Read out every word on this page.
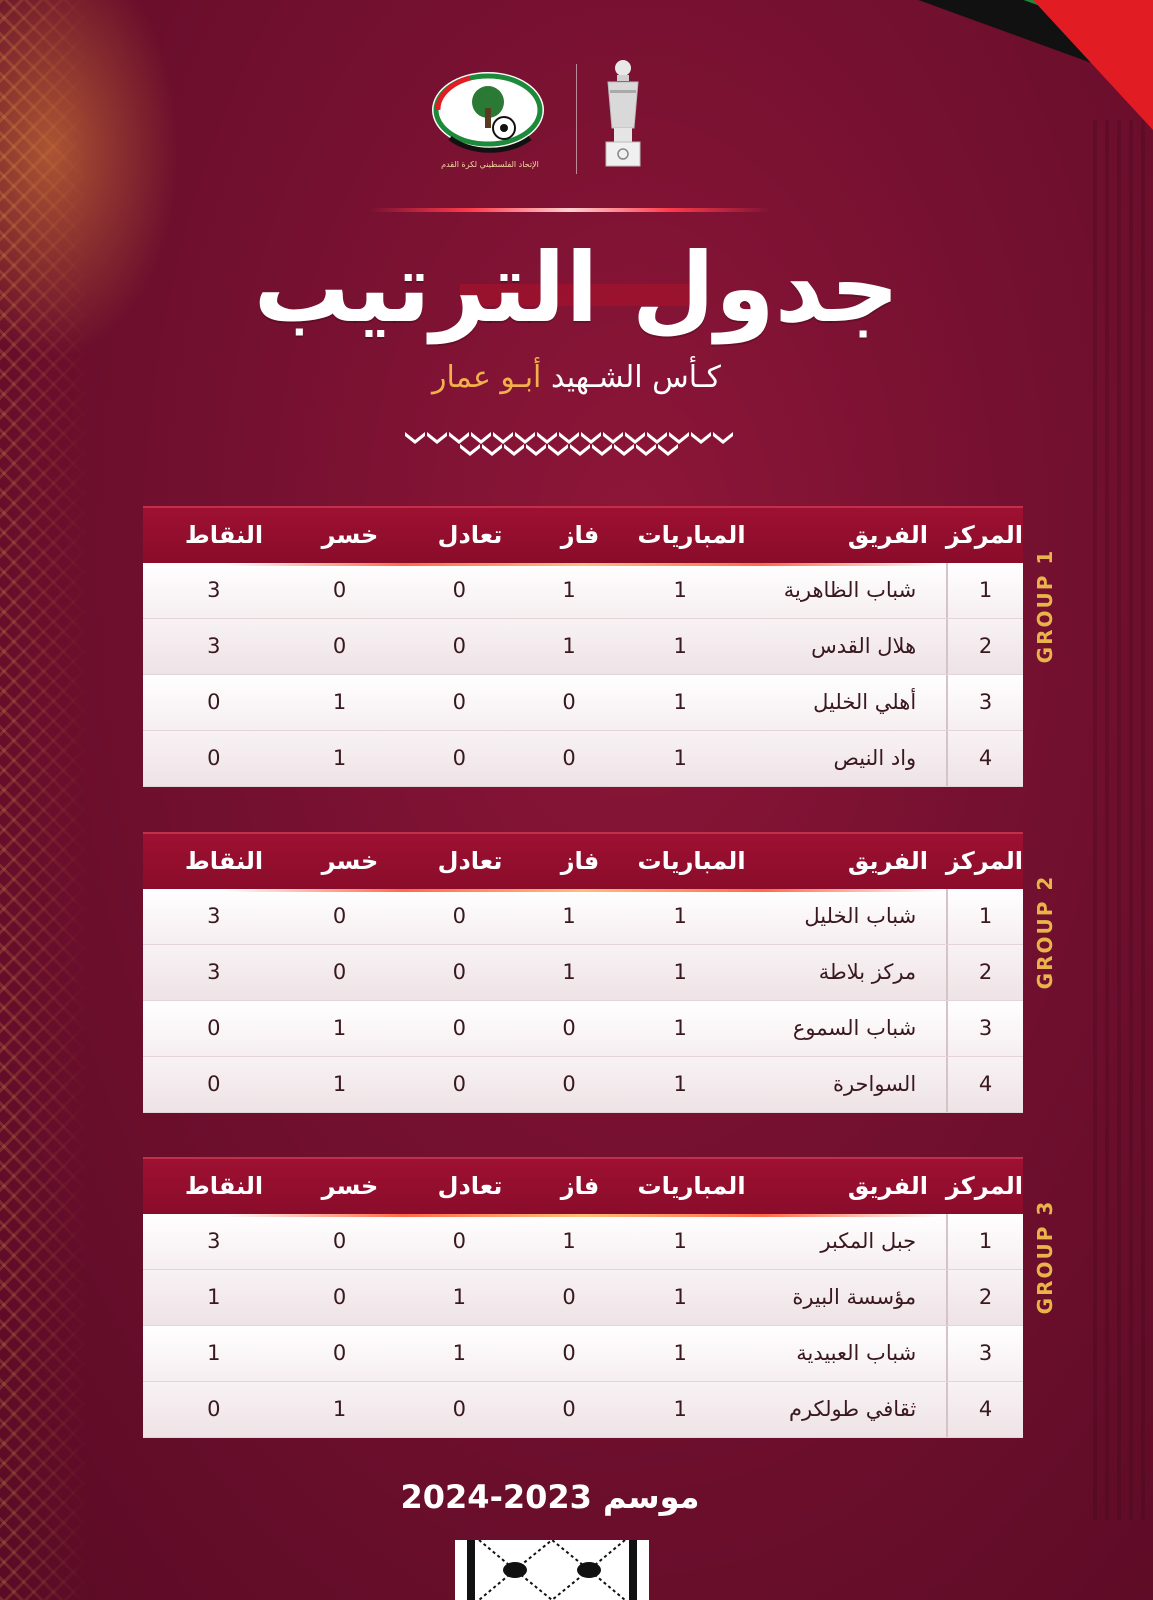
الإتحاد الفلسطيني لكرة القدم
جدول الترتيب
كـأس الشـهيد أبـو عمار
GROUP 1
المركز
الفريق
المباريات
فاز
تعادل
خسر
النقاط
1
شباب الظاهرية
1
1
0
0
3
2
هلال القدس
1
1
0
0
3
3
أهلي الخليل
1
0
0
1
0
4
واد النيص
1
0
0
1
0
GROUP 2
المركز
الفريق
المباريات
فاز
تعادل
خسر
النقاط
1
شباب الخليل
1
1
0
0
3
2
مركز بلاطة
1
1
0
0
3
3
شباب السموع
1
0
0
1
0
4
السواحرة
1
0
0
1
0
GROUP 3
المركز
الفريق
المباريات
فاز
تعادل
خسر
النقاط
1
جبل المكبر
1
1
0
0
3
2
مؤسسة البيرة
1
0
1
0
1
3
شباب العبيدية
1
0
1
0
1
4
ثقافي طولكرم
1
0
0
1
0
موسم 2023-2024
